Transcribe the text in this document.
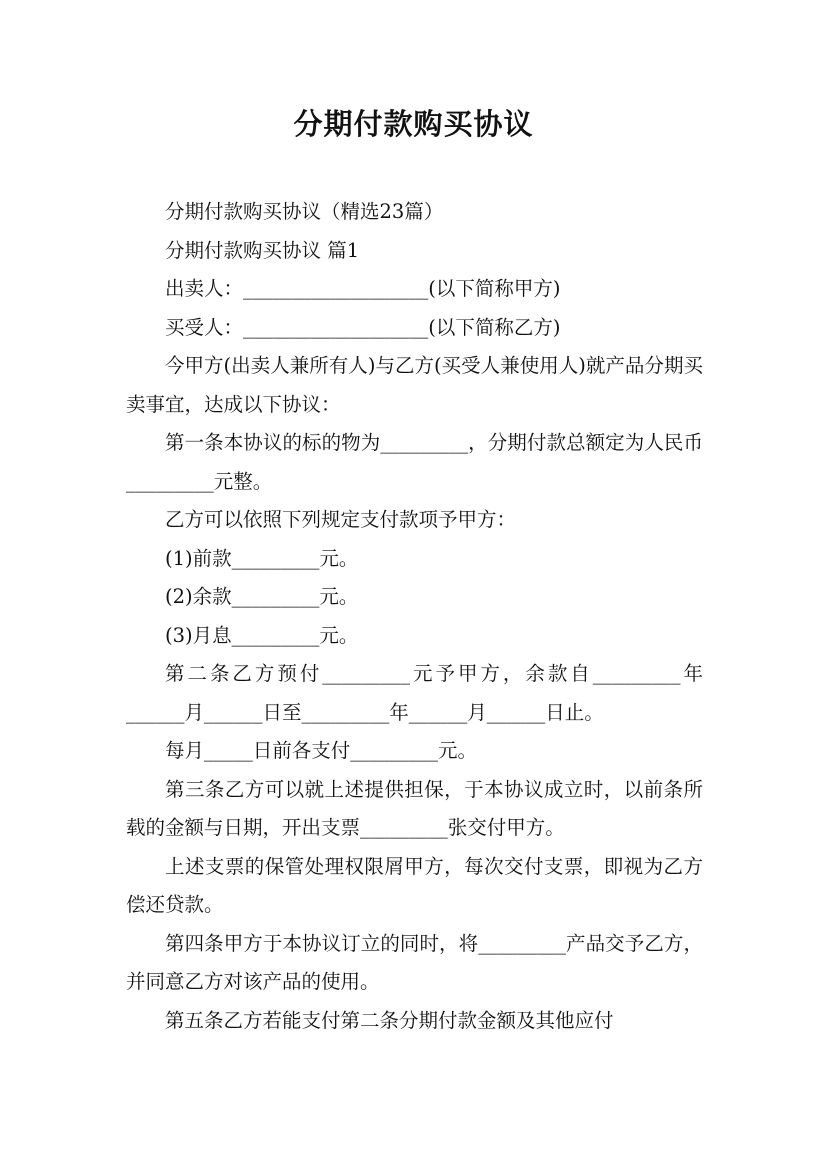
分期付款购买协议

分期付款购买协议（精选23篇）

分期付款购买协议 篇1

出卖人：___________________(以下简称甲方)

买受人：___________________(以下简称乙方)

今甲方(出卖人兼所有人)与乙方(买受人兼使用人)就产品分期买卖事宜，达成以下协议：

第一条本协议的标的物为_________，分期付款总额定为人民币_________元整。

乙方可以依照下列规定支付款项予甲方：

(1)前款_________元。

(2)余款_________元。

(3)月息_________元。

第二条乙方预付_________元予甲方，余款自_________年______月______日至_________年______月______日止。

每月_____日前各支付_________元。

第三条乙方可以就上述提供担保，于本协议成立时，以前条所载的金额与日期，开出支票_________张交付甲方。

上述支票的保管处理权限屑甲方，每次交付支票，即视为乙方偿还贷款。

第四条甲方于本协议订立的同时，将_________产品交予乙方，并同意乙方对该产品的使用。

第五条乙方若能支付第二条分期付款金额及其他应付
